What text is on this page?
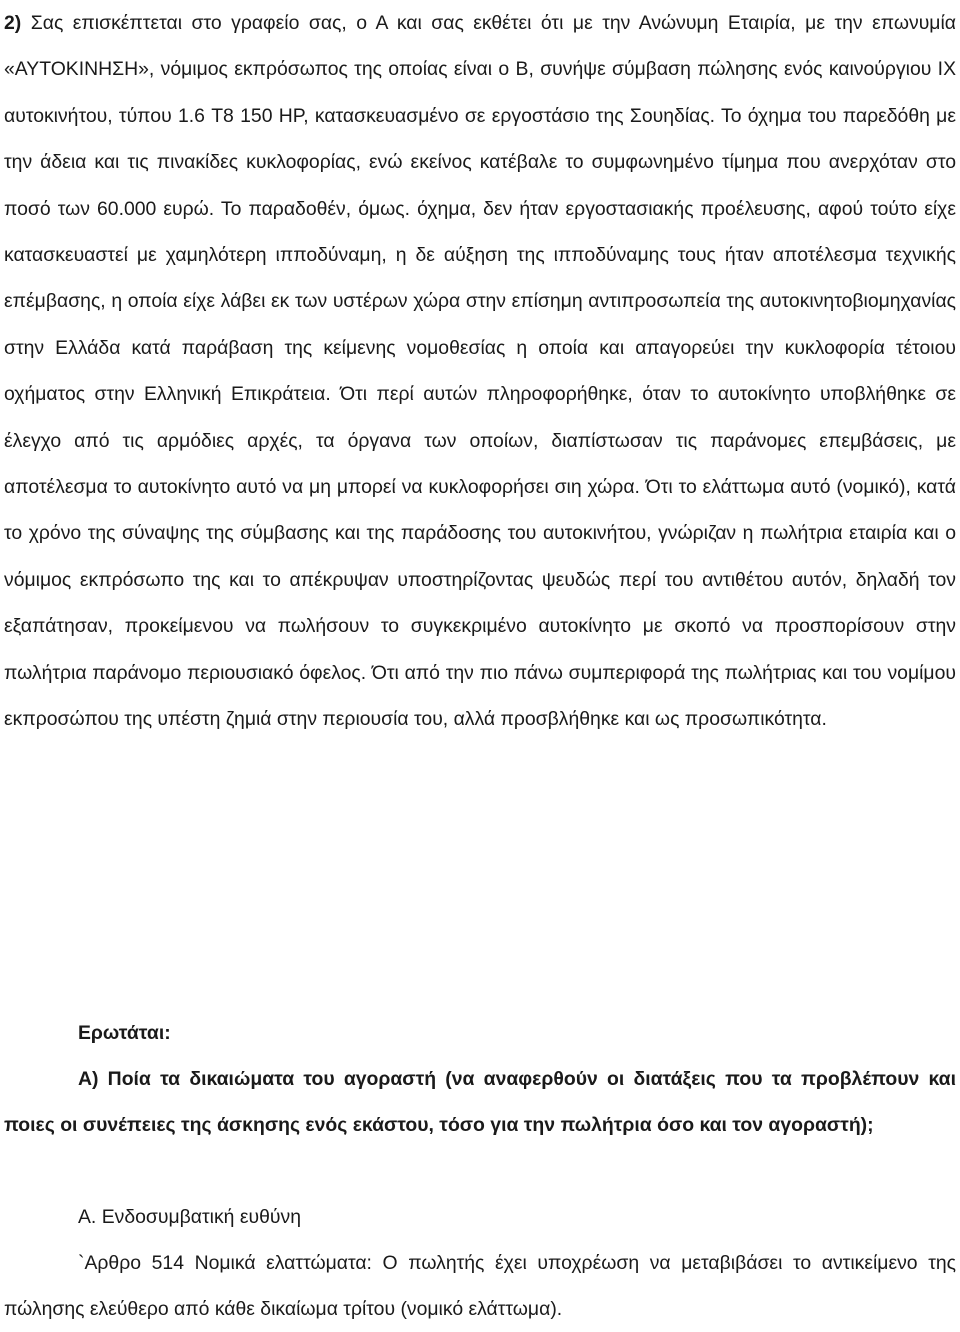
2) Σας επισκέπτεται στο γραφείο σας, ο Α και σας εκθέτει ότι με την Ανώνυμη Εταιρία, με την επωνυμία «ΑΥΤΟΚΙΝΗΣΗ», νόμιμος εκπρόσωπος της οποίας είναι ο Β, συνήψε σύμβαση πώλησης ενός καινούργιου ΙΧ αυτοκινήτου, τύπου 1.6 T8 150 HP, κατασκευασμένο σε εργοστάσιο της Σουηδίας. Το όχημα του παρεδόθη με την άδεια και τις πινακίδες κυκλοφορίας, ενώ εκείνος κατέβαλε το συμφωνημένο τίμημα που ανερχόταν στο ποσό των 60.000 ευρώ. Το παραδοθέν, όμως. όχημα, δεν ήταν εργοστασιακής προέλευσης, αφού τούτο είχε κατασκευαστεί με χαμηλότερη ιπποδύναμη, η δε αύξηση της ιπποδύναμης τους ήταν αποτέλεσμα τεχνικής επέμβασης, η οποία είχε λάβει εκ των υστέρων χώρα στην επίσημη αντιπροσωπεία της αυτοκινητοβιομηχανίας στην Ελλάδα κατά παράβαση της κείμενης νομοθεσίας η οποία και απαγορεύει την κυκλοφορία τέτοιου οχήματος στην Ελληνική Επικράτεια. Ότι περί αυτών πληροφορήθηκε, όταν το αυτοκίνητο υποβλήθηκε σε έλεγχο από τις αρμόδιες αρχές, τα όργανα των οποίων, διαπίστωσαν τις παράνομες επεμβάσεις, με αποτέλεσμα το αυτοκίνητο αυτό να μη μπορεί να κυκλοφορήσει σιη χώρα. Ότι το ελάττωμα αυτό (νομικό), κατά το χρόνο της σύναψης της σύμβασης και της παράδοσης του αυτοκινήτου, γνώριζαν η πωλήτρια εταιρία και ο νόμιμος εκπρόσωπο της και το απέκρυψαν υποστηρίζοντας ψευδώς περί του αντιθέτου αυτόν, δηλαδή τον εξαπάτησαν, προκείμενου να πωλήσουν το συγκεκριμένο αυτοκίνητο με σκοπό να προσπορίσουν στην πωλήτρια παράνομο περιουσιακό όφελος. Ότι από την πιο πάνω συμπεριφορά της πωλήτριας και του νομίμου εκπροσώπου της υπέστη ζημιά στην περιουσία του, αλλά προσβλήθηκε και ως προσωπικότητα.

Ερωτάται:

Α) Ποία τα δικαιώματα του αγοραστή (να αναφερθούν οι διατάξεις που τα προβλέπουν και ποιες οι συνέπειες της άσκησης ενός εκάστου, τόσο για την πωλήτρια όσο και τον αγοραστή);

Α. Ενδοσυμβατική ευθύνη

`Αρθρο 514 Νομικά ελαττώματα: Ο πωλητής έχει υποχρέωση να μεταβιβάσει το αντικείμενο της πώλησης ελεύθερο από κάθε δικαίωμα τρίτου (νομικό ελάττωμα).
